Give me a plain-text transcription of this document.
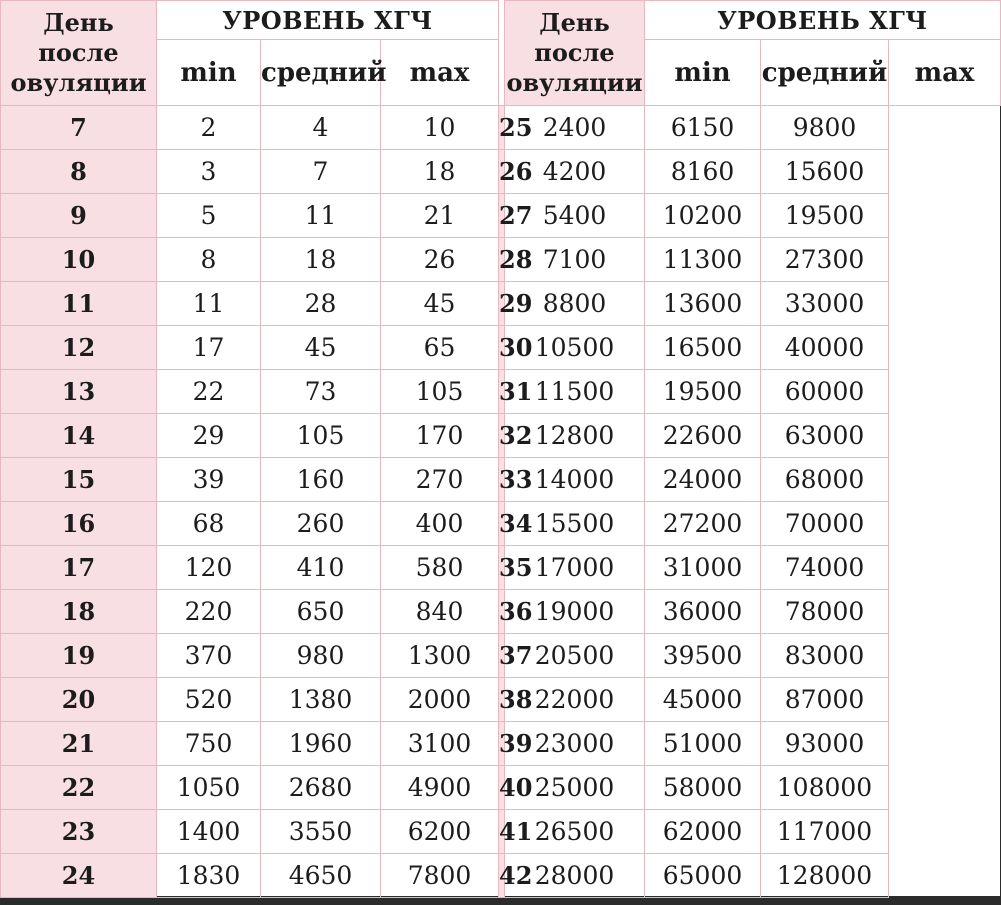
День
после
овуляции	УРОВЕНЬ ХГЧ				День
после
овуляции	УРОВЕНЬ ХГЧ		
	min	средний	max			min	средний	max
7	2	4	10	25	2400	6150	9800	
8	3	7	18	26	4200	8160	15600	
9	5	11	21	27	5400	10200	19500	
10	8	18	26	28	7100	11300	27300	
11	11	28	45	29	8800	13600	33000	
12	17	45	65	30	10500	16500	40000	
13	22	73	105	31	11500	19500	60000	
14	29	105	170	32	12800	22600	63000	
15	39	160	270	33	14000	24000	68000	
16	68	260	400	34	15500	27200	70000	
17	120	410	580	35	17000	31000	74000	
18	220	650	840	36	19000	36000	78000	
19	370	980	1300	37	20500	39500	83000	
20	520	1380	2000	38	22000	45000	87000	
21	750	1960	3100	39	23000	51000	93000	
22	1050	2680	4900	40	25000	58000	108000	
23	1400	3550	6200	41	26500	62000	117000	
24	1830	4650	7800	42	28000	65000	128000	
